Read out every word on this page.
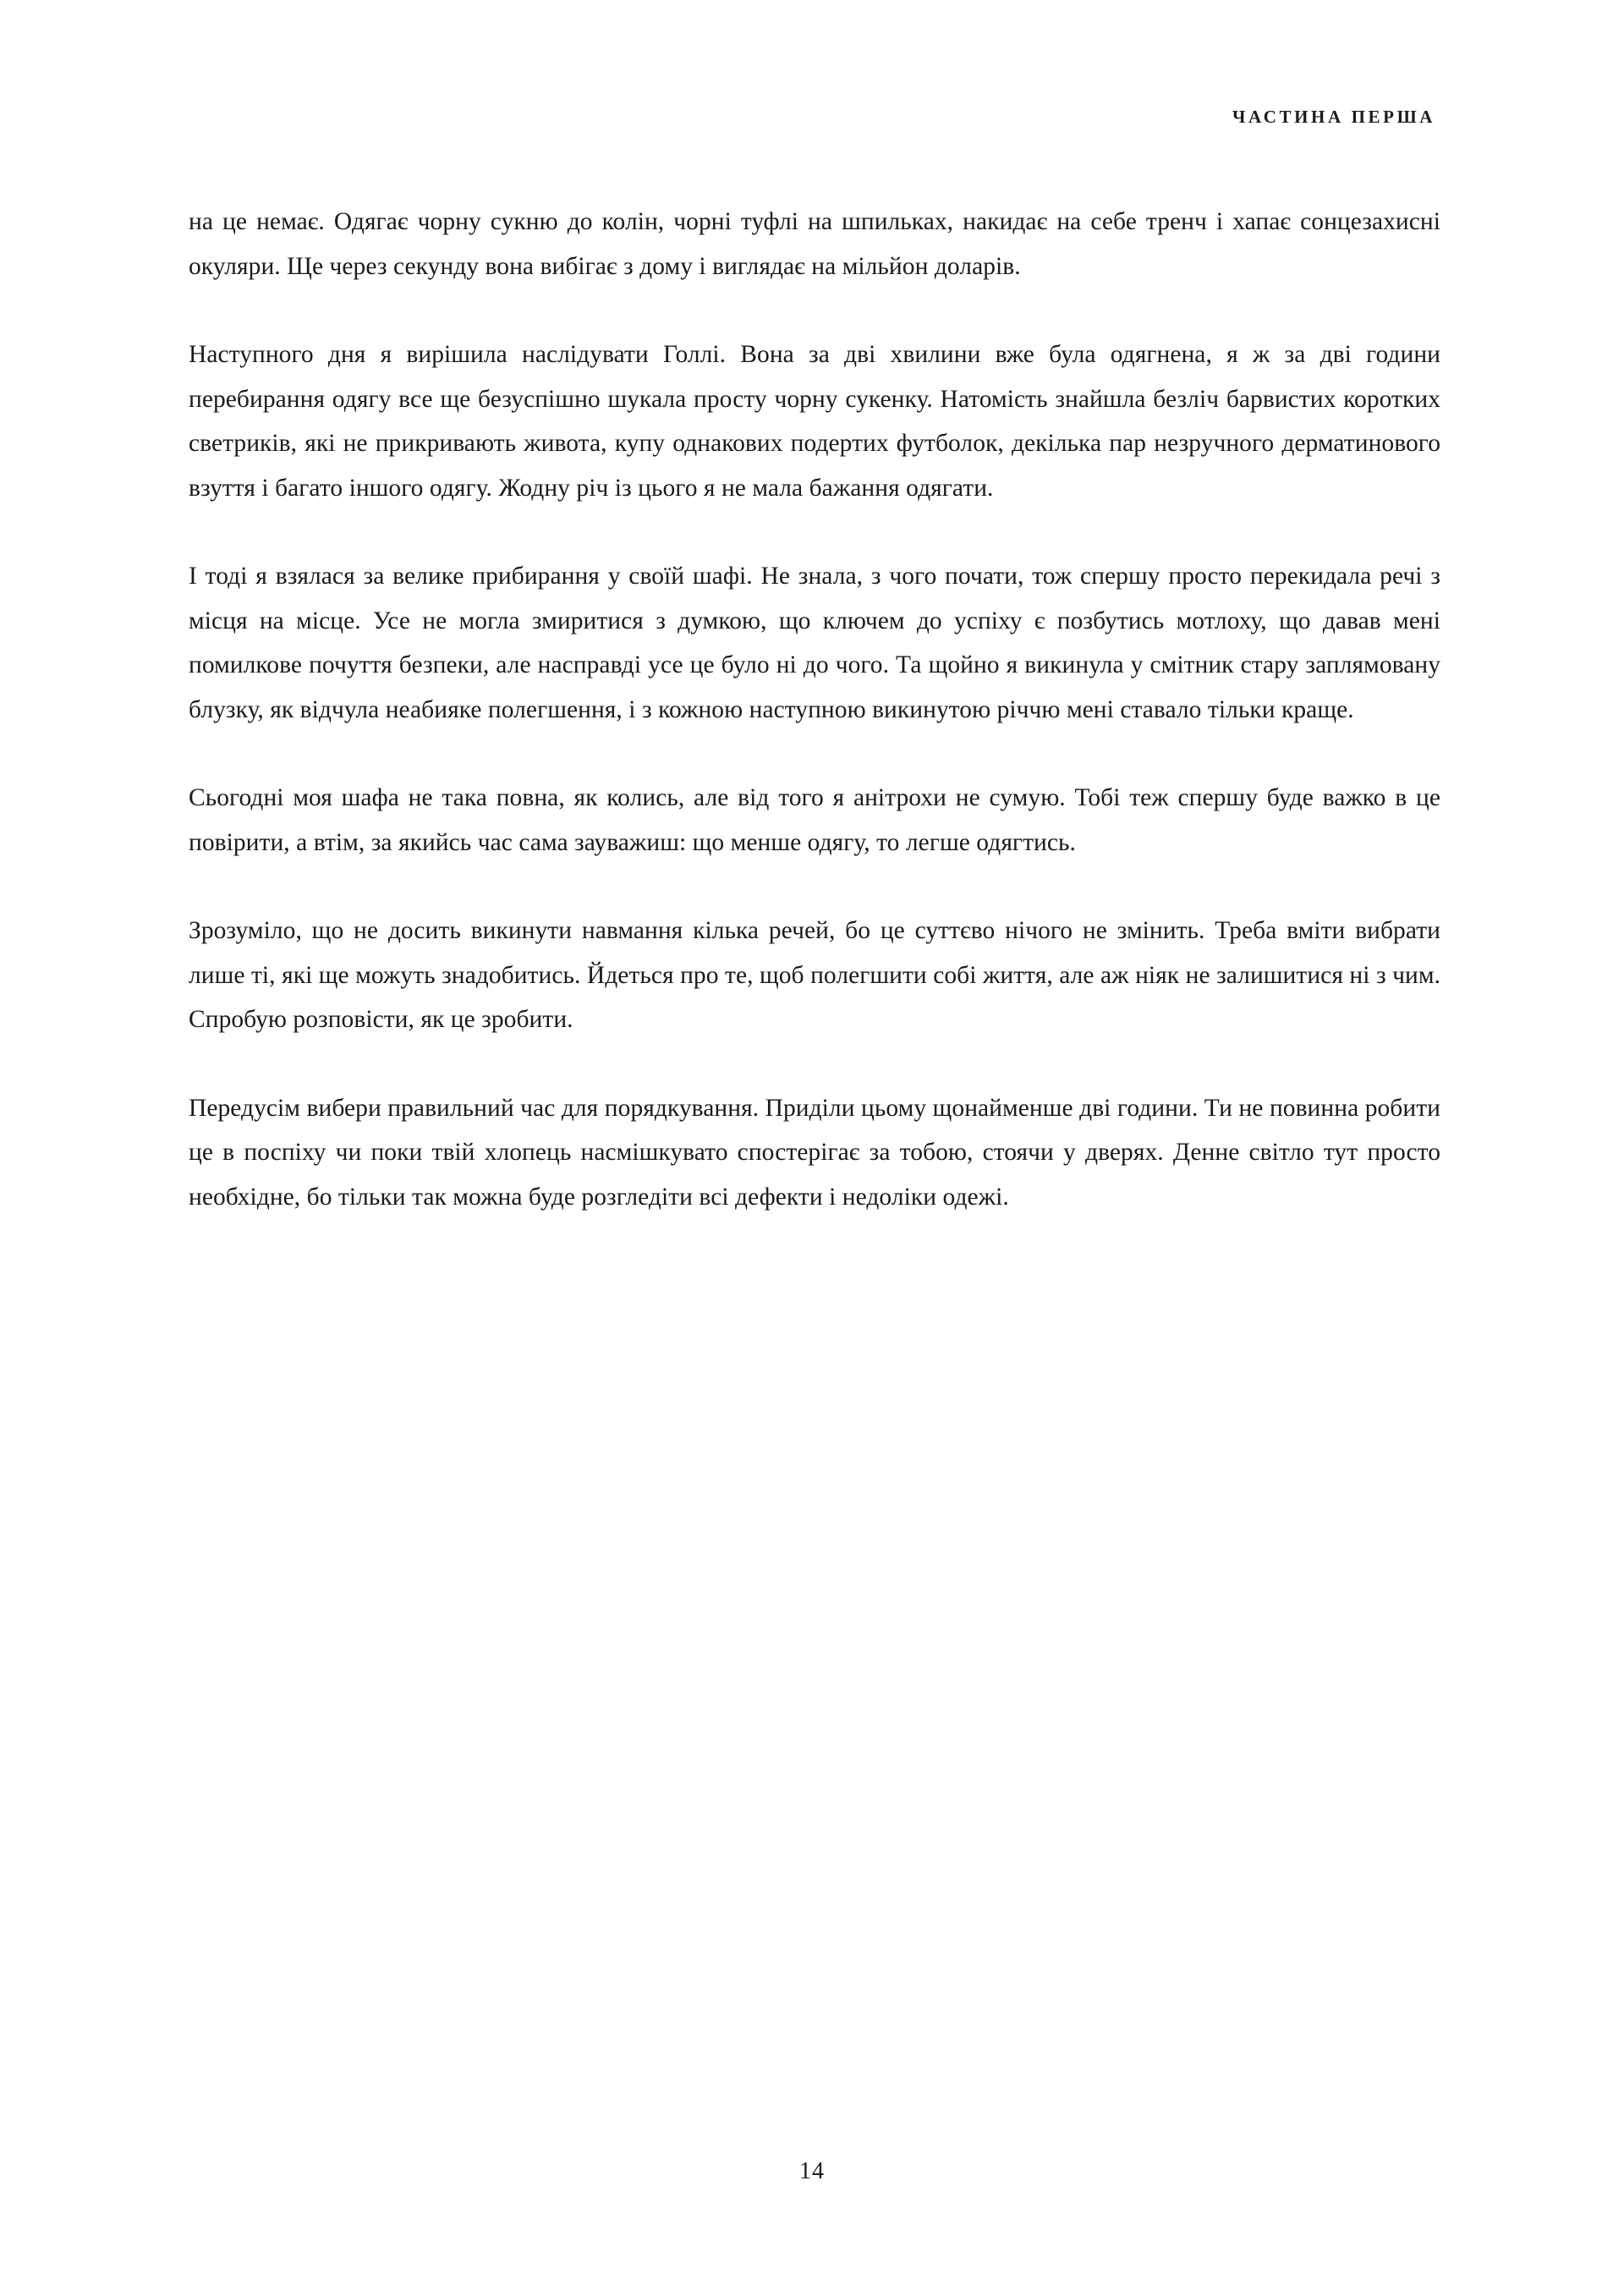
ЧАСТИНА ПЕРША

на це немає. Одягає чорну сукню до колін, чорні туфлі на шпильках, накидає на себе тренч і хапає сонцезахисні окуляри. Ще через секунду вона вибігає з дому і виглядає на мільйон доларів.

Наступного дня я вирішила наслідувати Голлі. Вона за дві хвилини вже була одягнена, я ж за дві години перебирання одягу все ще безуспішно шукала просту чорну сукенку. Натомість знайшла безліч барвистих коротких светриків, які не прикривають живота, купу однакових подертих футболок, декілька пар незручного дерматинового взуття і багато іншого одягу. Жодну річ із цього я не мала бажання одягати.

І тоді я взялася за велике прибирання у своїй шафі. Не знала, з чого почати, тож спершу просто перекидала речі з місця на місце. Усе не могла змиритися з думкою, що ключем до успіху є позбутись мотлоху, що давав мені помилкове почуття безпеки, але насправді усе це було ні до чого. Та щойно я викинула у смітник стару заплямовану блузку, як відчула неабияке полегшення, і з кожною наступною викинутою річчю мені ставало тільки краще.

Сьогодні моя шафа не така повна, як колись, але від того я анітрохи не сумую. Тобі теж спершу буде важко в це повірити, а втім, за якийсь час сама зауважиш: що менше одягу, то легше одягтись.

Зрозуміло, що не досить викинути навмання кілька речей, бо це суттєво нічого не змінить. Треба вміти вибрати лише ті, які ще можуть знадобитись. Йдеться про те, щоб полегшити собі життя, але аж ніяк не залишитися ні з чим. Спробую розповісти, як це зробити.

Передусім вибери правильний час для порядкування. Приділи цьому щонайменше дві години. Ти не повинна робити це в поспіху чи поки твій хлопець насмішкувато спостерігає за тобою, стоячи у дверях. Денне світло тут просто необхідне, бо тільки так можна буде розгледіти всі дефекти і недоліки одежі.

14
